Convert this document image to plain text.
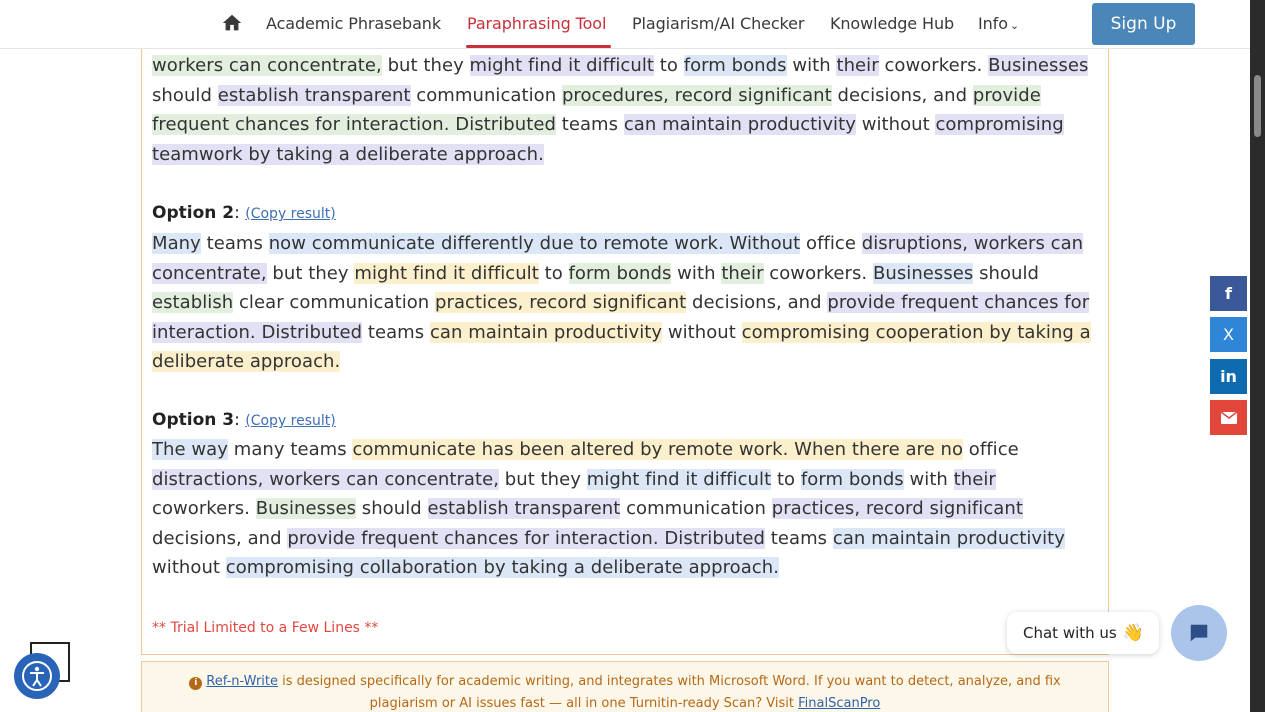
Academic Phrasebank Paraphrasing Tool Plagiarism/AI Checker Knowledge Hub Info ⌄	Sign Up
workers can concentrate, but they might find it difficult to form bonds with their coworkers. Businesses
should establish transparent communication procedures, record significant decisions, and provide
frequent chances for interaction. Distributed teams can maintain productivity without compromising
teamwork by taking a deliberate approach.
Option 2: (Copy result)
Many teams now communicate differently due to remote work. Without office disruptions, workers can
concentrate, but they might find it difficult to form bonds with their coworkers. Businesses should
establish clear communication practices, record significant decisions, and provide frequent chances for
interaction. Distributed teams can maintain productivity without compromising cooperation by taking a
deliberate approach.
Option 3: (Copy result)
The way many teams communicate has been altered by remote work. When there are no office
distractions, workers can concentrate, but they might find it difficult to form bonds with their
coworkers. Businesses should establish transparent communication practices, record significant
decisions, and provide frequent chances for interaction. Distributed teams can maintain productivity
without compromising collaboration by taking a deliberate approach.
** Trial Limited to a Few Lines **
i Ref-n-Write is designed specifically for academic writing, and integrates with Microsoft Word. If you want to detect, analyze, and fix
plagiarism or AI issues fast — all in one Turnitin-ready Scan? Visit FinalScanPro
f
X
in
Chat with us 👋
